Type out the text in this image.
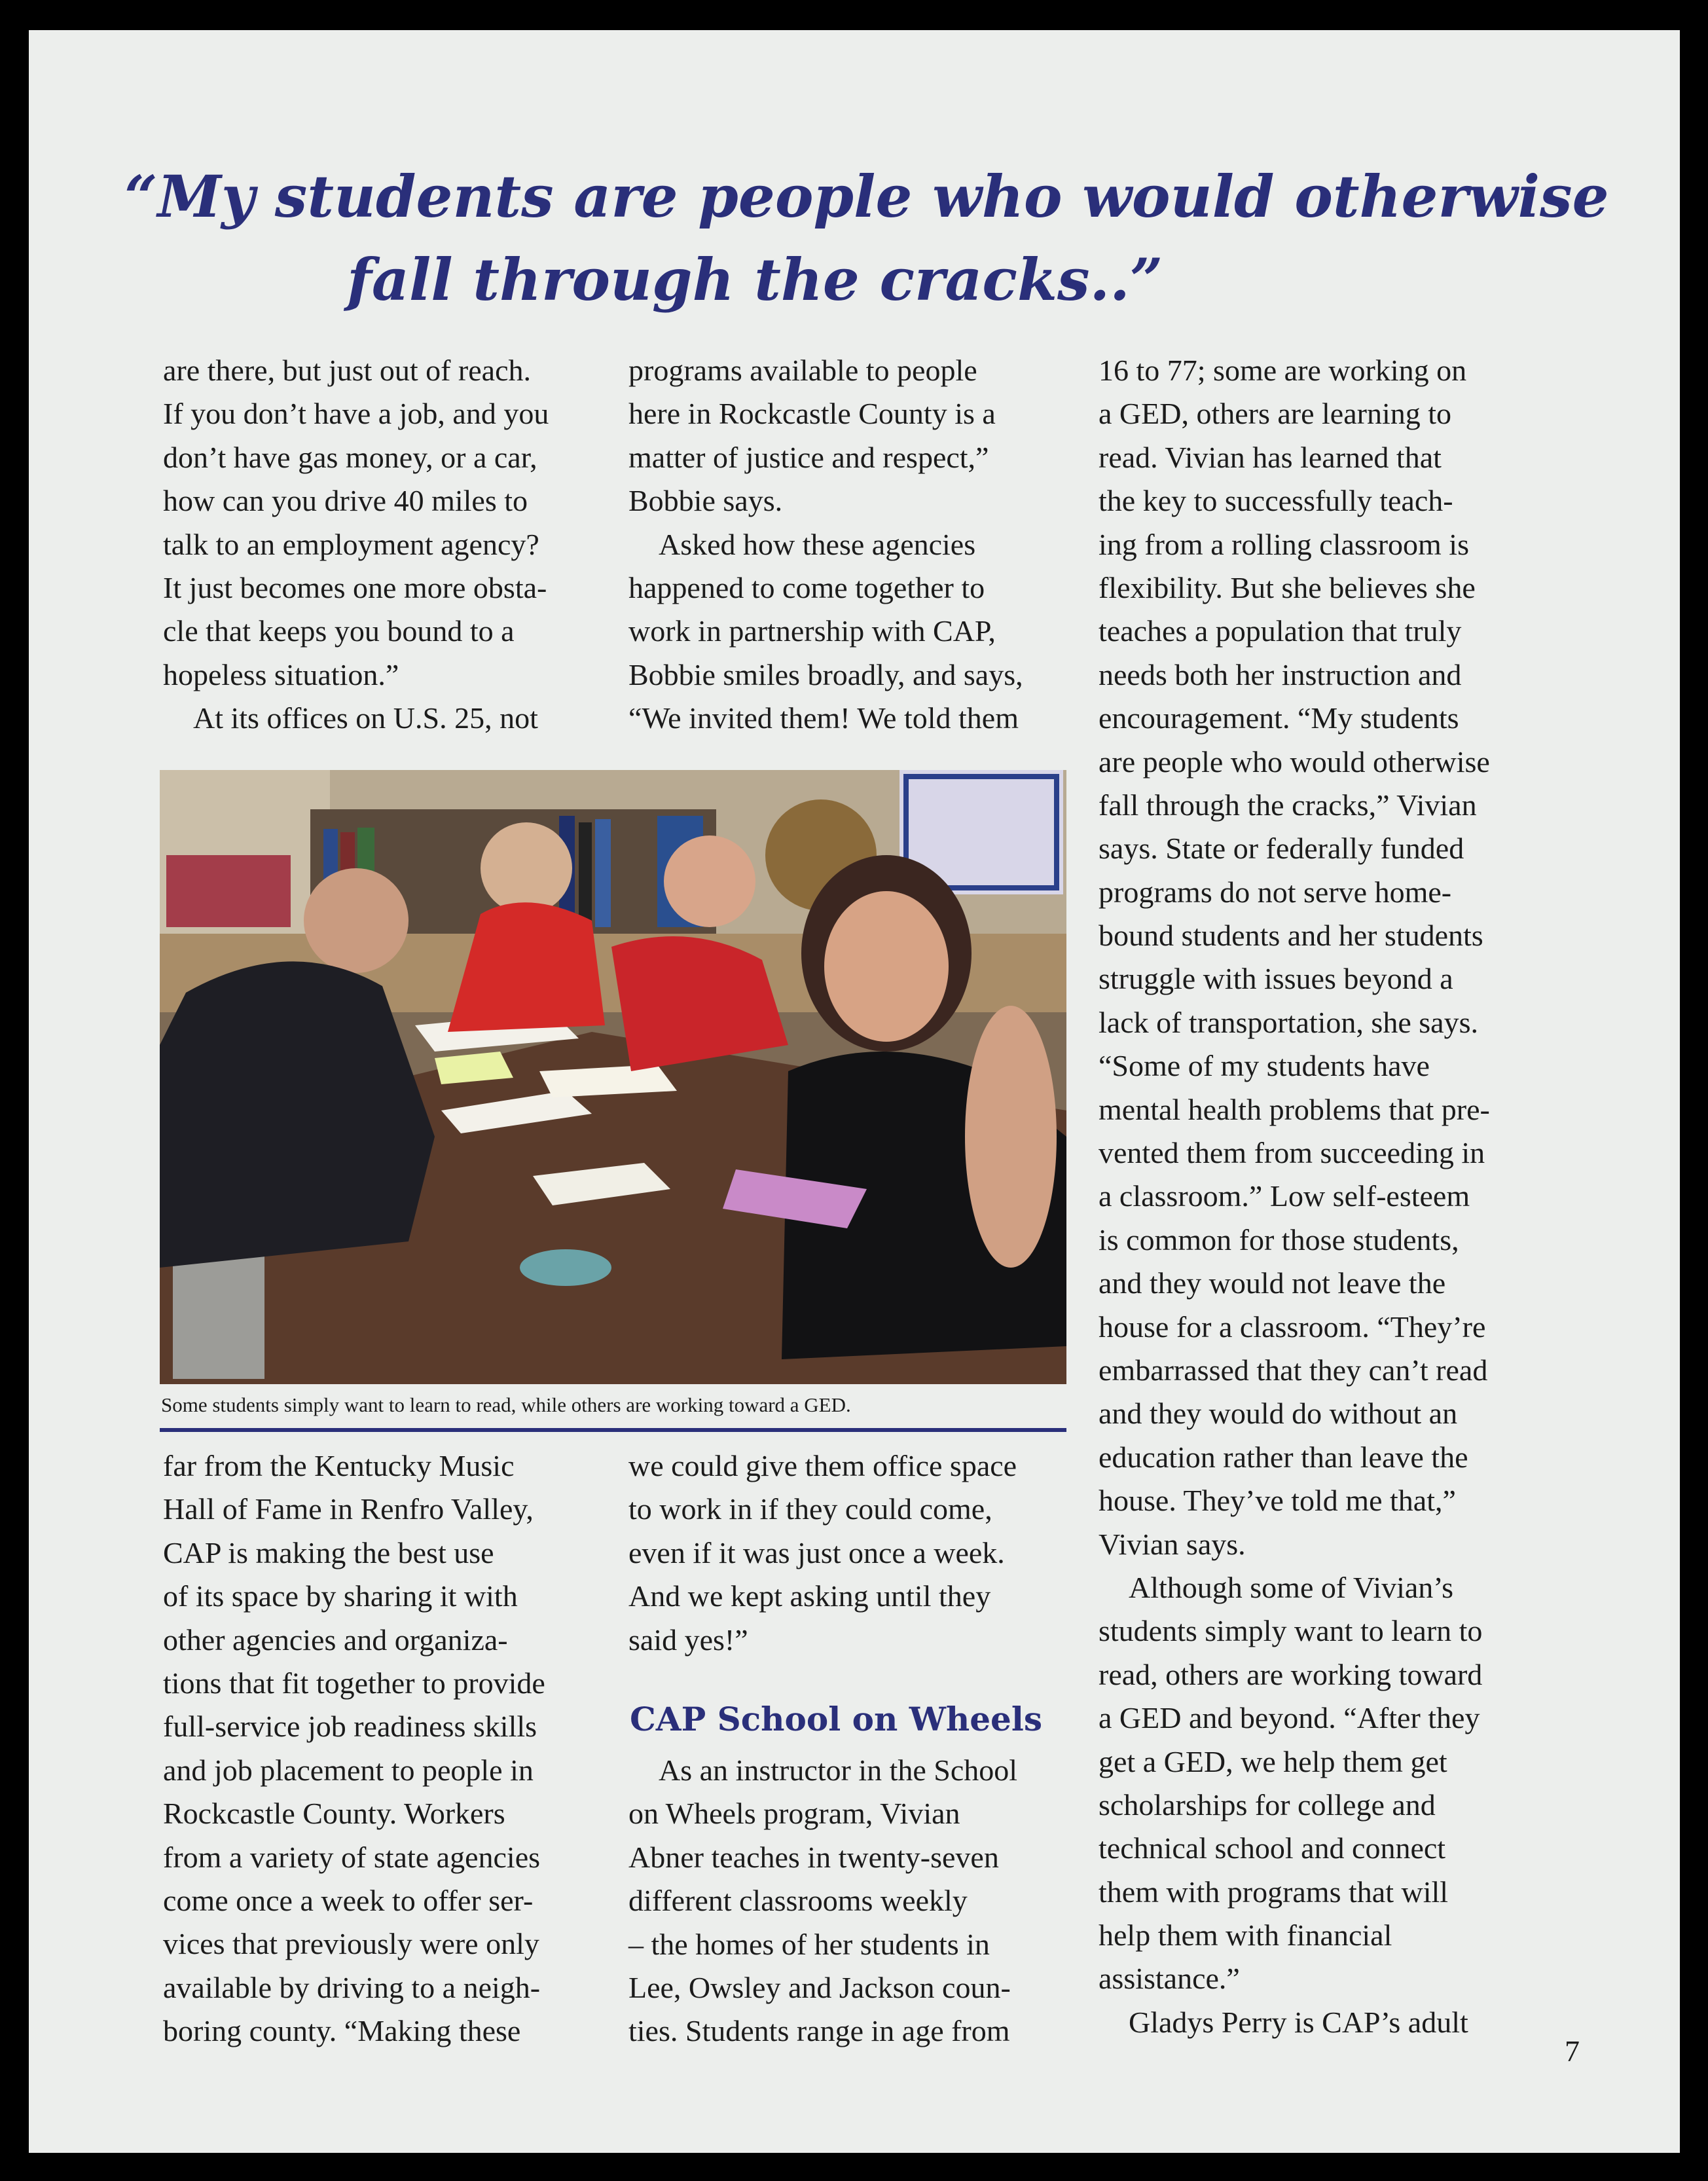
“My students are people who would otherwise

fall through the cracks..”

are there, but just out of reach.
If you don’t have a job, and you
don’t have gas money, or a car,
how can you drive 40 miles to
talk to an employment agency?
It just becomes one more obsta-
cle that keeps you bound to a
hopeless situation.”
 At its offices on U.S. 25, not
programs available to people
here in Rockcastle County is a
matter of justice and respect,”
Bobbie says.
 Asked how these agencies
happened to come together to
work in partnership with CAP,
Bobbie smiles broadly, and says,
“We invited them! We told them
16 to 77; some are working on
a GED, others are learning to
read. Vivian has learned that
the key to successfully teach-
ing from a rolling classroom is
flexibility. But she believes she
teaches a population that truly
needs both her instruction and
encouragement. “My students
are people who would otherwise
fall through the cracks,” Vivian
says. State or federally funded
programs do not serve home-
bound students and her students
struggle with issues beyond a
lack of transportation, she says.
“Some of my students have
mental health problems that pre-
vented them from succeeding in
a classroom.” Low self-esteem
is common for those students,
and they would not leave the
house for a classroom. “They’re
embarrassed that they can’t read
and they would do without an
education rather than leave the
house. They’ve told me that,”
Vivian says.
 Although some of Vivian’s
students simply want to learn to
read, others are working toward
a GED and beyond. “After they
get a GED, we help them get
scholarships for college and
technical school and connect
them with programs that will
help them with financial
assistance.”
 Gladys Perry is CAP’s adult

Some students simply want to learn to read, while others are working toward a GED.

far from the Kentucky Music
Hall of Fame in Renfro Valley,
CAP is making the best use
of its space by sharing it with
other agencies and organiza-
tions that fit together to provide
full-service job readiness skills
and job placement to people in
Rockcastle County. Workers
from a variety of state agencies
come once a week to offer ser-
vices that previously were only
available by driving to a neigh-
boring county. “Making these
we could give them office space
to work in if they could come,
even if it was just once a week.
And we kept asking until they
said yes!”

CAP School on Wheels

 As an instructor in the School
on Wheels program, Vivian
Abner teaches in twenty-seven
different classrooms weekly
– the homes of her students in
Lee, Owsley and Jackson coun-
ties. Students range in age from

7
